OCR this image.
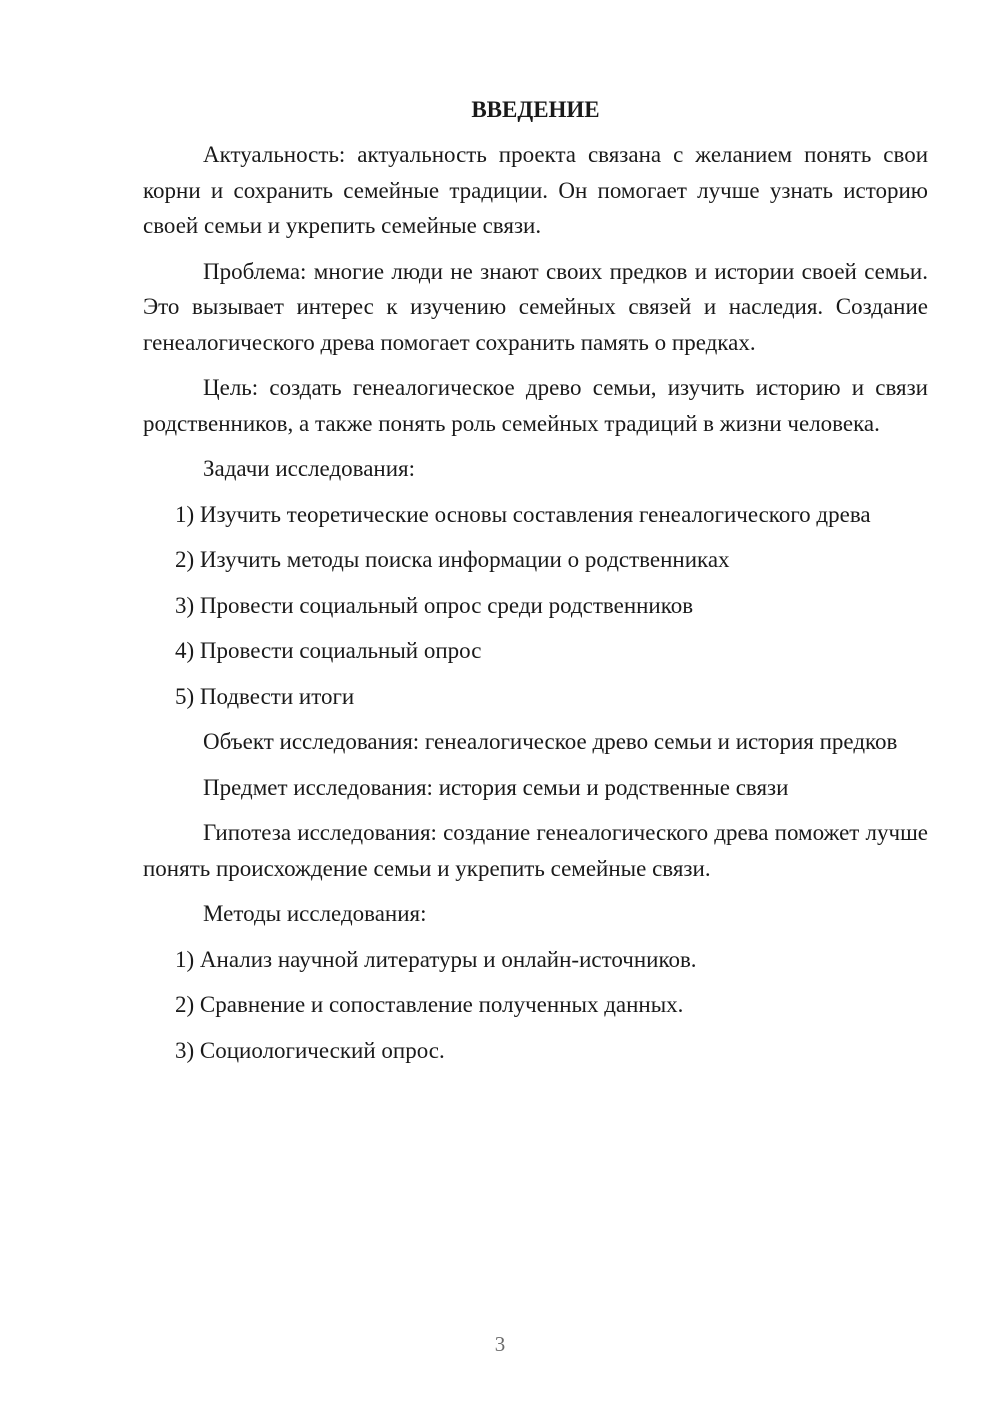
ВВЕДЕНИЕ

Актуальность: актуальность проекта связана с желанием понять свои корни и сохранить семейные традиции. Он помогает лучше узнать историю своей семьи и укрепить семейные связи.

Проблема: многие люди не знают своих предков и истории своей семьи. Это вызывает интерес к изучению семейных связей и наследия. Создание генеалогического древа помогает сохранить память о предках.

Цель: создать генеалогическое древо семьи, изучить историю и связи родственников, а также понять роль семейных традиций в жизни человека.

Задачи исследования:

1) Изучить теоретические основы составления генеалогического древа
2) Изучить методы поиска информации о родственниках
3) Провести социальный опрос среди родственников
4) Провести социальный опрос
5) Подвести итоги

Объект исследования: генеалогическое древо семьи и история предков

Предмет исследования: история семьи и родственные связи

Гипотеза исследования: создание генеалогического древа поможет лучше понять происхождение семьи и укрепить семейные связи.

Методы исследования:

1) Анализ научной литературы и онлайн-источников.
2) Сравнение и сопоставление полученных данных.
3) Социологический опрос.
3
